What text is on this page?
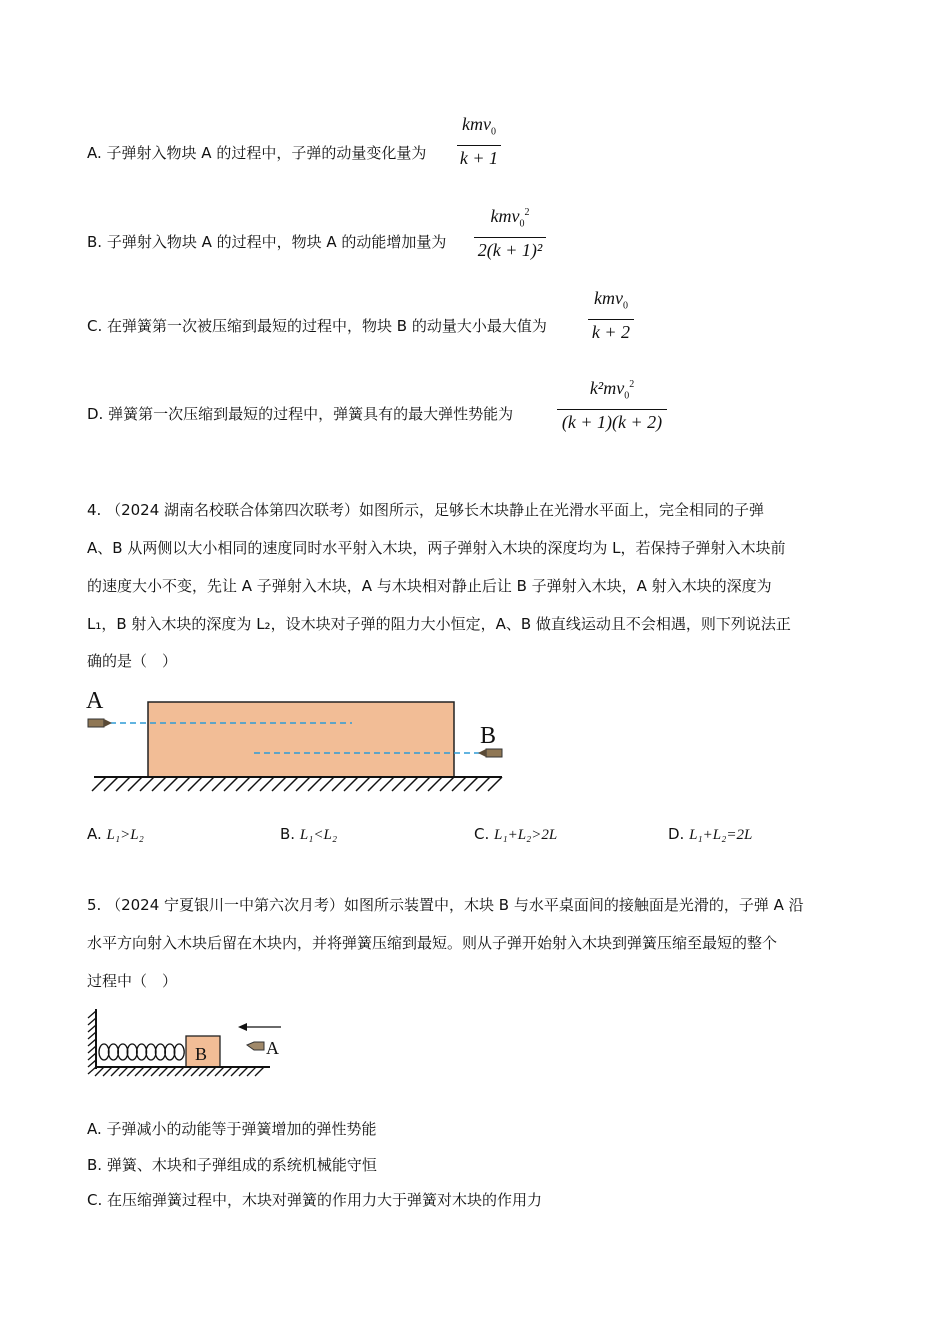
A. 子弹射入物块 A 的过程中，子弹的动量变化量为
kmv$_0$
k + 1
B. 子弹射入物块 A 的过程中，物块 A 的动能增加量为
kmv$_0^2$
2(k + 1)²
C. 在弹簧第一次被压缩到最短的过程中，物块 B 的动量大小最大值为
kmv$_0$
k + 2
D. 弹簧第一次压缩到最短的过程中，弹簧具有的最大弹性势能为
$k^2mv_0^2$
(k + 1)(k + 2)
4. （2024 湖南名校联合体第四次联考）如图所示，足够长木块静止在光滑水平面上，完全相同的子弹
A、B 从两侧以大小相同的速度同时水平射入木块，两子弹射入木块的深度均为 L，若保持子弹射入木块前
的速度大小不变，先让 A 子弹射入木块，A 与木块相对静止后让 B 子弹射入木块，A 射入木块的深度为
L₁，B 射入木块的深度为 L₂，设木块对子弹的阻力大小恒定，A、B 做直线运动且不会相遇，则下列说法正
确的是（　）
A
B
A. L₁>L₂	B. L₁<L₂	C. L₁+L₂>2L	D. L₁+L₂=2L
5. （2024 宁夏银川一中第六次月考）如图所示装置中，木块 B 与水平桌面间的接触面是光滑的，子弹 A 沿
水平方向射入木块后留在木块内，并将弹簧压缩到最短。则从子弹开始射入木块到弹簧压缩至最短的整个
过程中（　）
B	A
A. 子弹减小的动能等于弹簧增加的弹性势能
B. 弹簧、木块和子弹组成的系统机械能守恒
C. 在压缩弹簧过程中，木块对弹簧的作用力大于弹簧对木块的作用力
